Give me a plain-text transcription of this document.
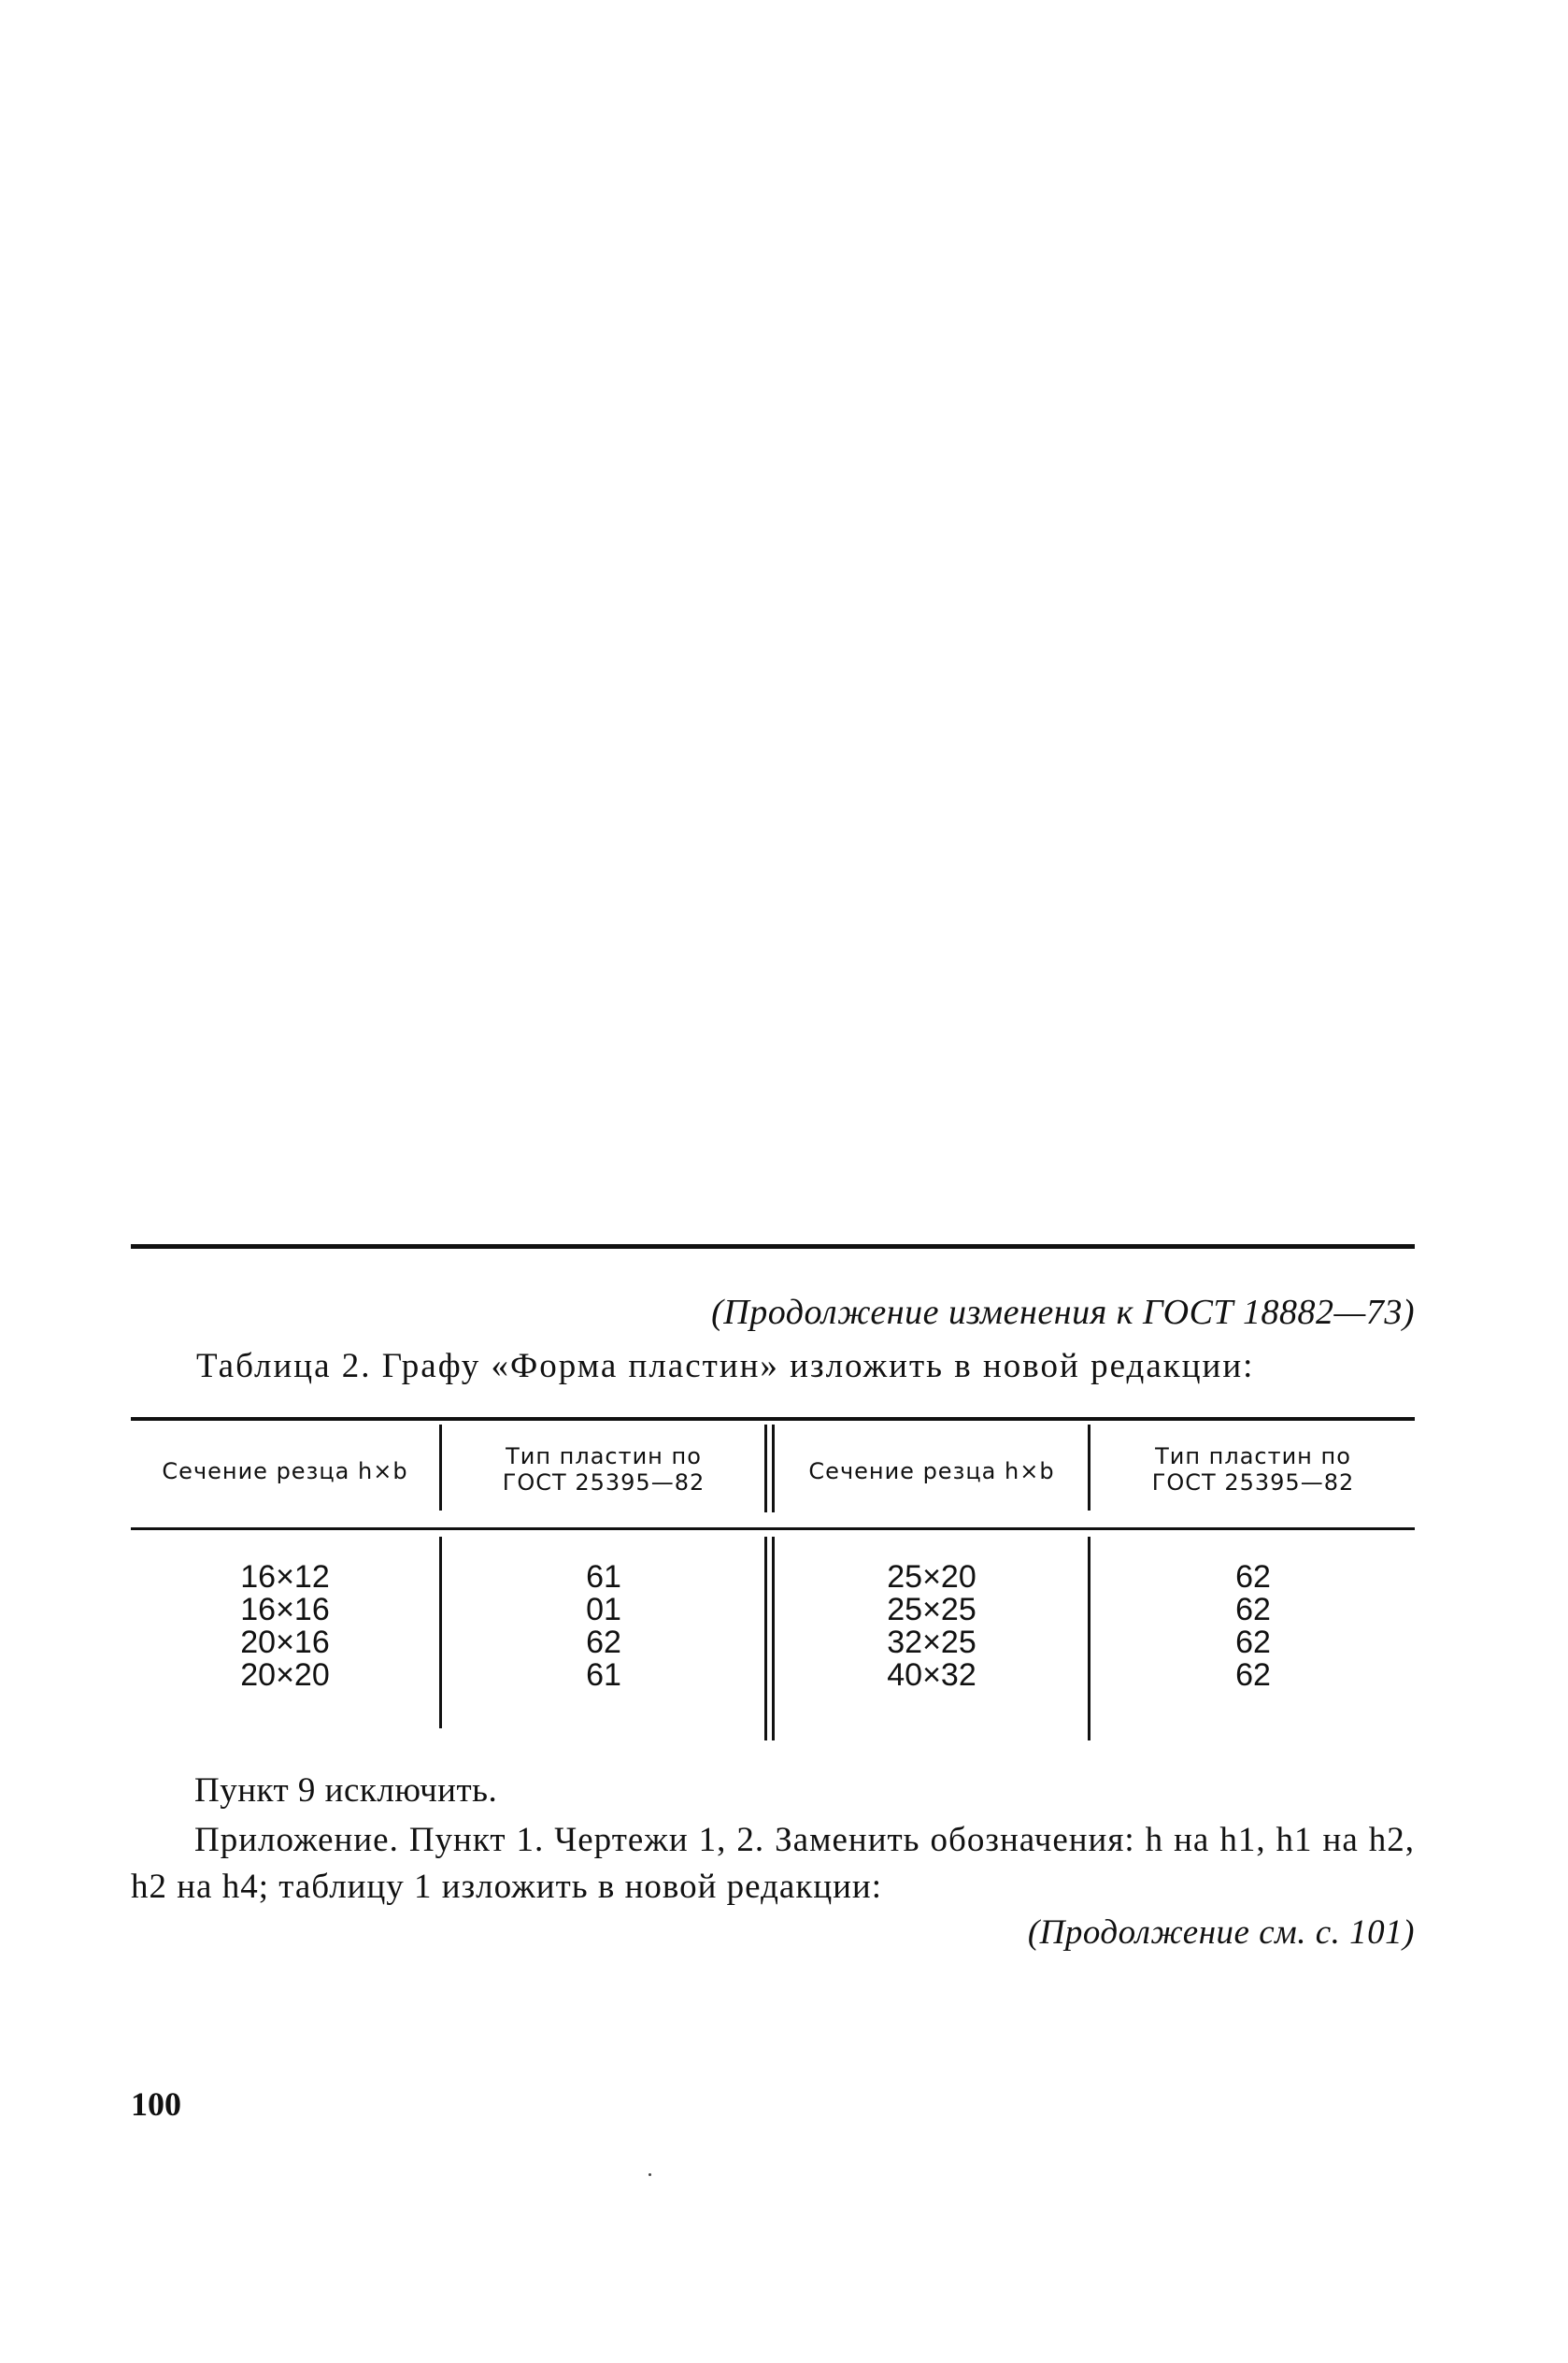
(Продолжение изменения к ГОСТ 18882—73)
Таблица 2. Графу «Форма пластин» изложить в новой редакции:
Сечение резца h×b
Тип пластин по
ГОСТ 25395—82	Сечение резца h×b
Тип пластин по
ГОСТ 25395—82
16×12
16×16
20×16
20×20
61
01
62
61
25×20
25×25
32×25
40×32
62
62
62
62
Пункт 9 исключить.
Приложение. Пункт 1. Чертежи 1, 2. Заменить обозначения: h на h1, h1 на h2, h2 на h4; таблицу 1 изложить в новой редакции:
(Продолжение см. с. 101)
100
